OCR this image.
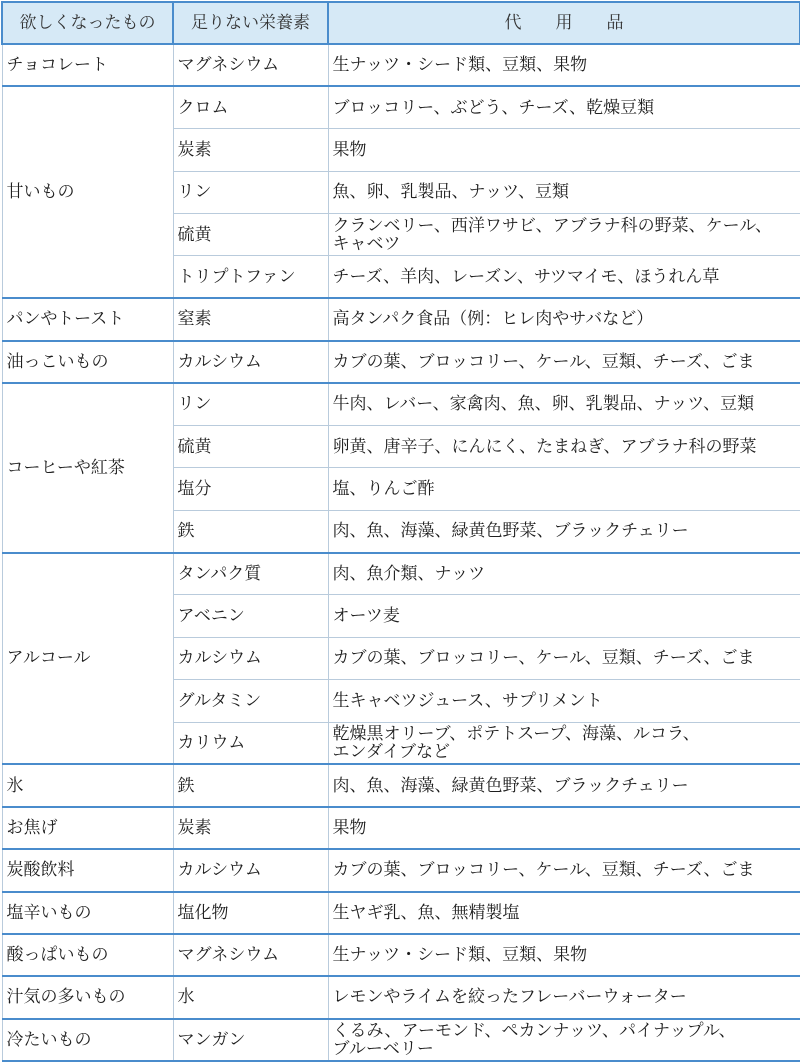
欲しくなったもの	足りない栄養素	代　　用　　品
チョコレート	マグネシウム	生ナッツ・シード類、豆類、果物
甘いもの	クロム	ブロッコリー、ぶどう、チーズ、乾燥豆類
	炭素	果物
	リン	魚、卵、乳製品、ナッツ、豆類
	硫黄	クランベリー、西洋ワサビ、アブラナ科の野菜、ケール、
キャベツ
	トリプトファン	チーズ、羊肉、レーズン、サツマイモ、ほうれん草
パンやトースト	窒素	高タンパク食品（例：ヒレ肉やサバなど）
油っこいもの	カルシウム	カブの葉、ブロッコリー、ケール、豆類、チーズ、ごま
コーヒーや紅茶	リン	牛肉、レバー、家禽肉、魚、卵、乳製品、ナッツ、豆類
	硫黄	卵黄、唐辛子、にんにく、たまねぎ、アブラナ科の野菜
	塩分	塩、りんご酢
	鉄	肉、魚、海藻、緑黄色野菜、ブラックチェリー
アルコール	タンパク質	肉、魚介類、ナッツ
	アベニン	オーツ麦
	カルシウム	カブの葉、ブロッコリー、ケール、豆類、チーズ、ごま
	グルタミン	生キャベツジュース、サプリメント
	カリウム	乾燥黒オリーブ、ポテトスープ、海藻、ルコラ、
エンダイブなど
氷	鉄	肉、魚、海藻、緑黄色野菜、ブラックチェリー
お焦げ	炭素	果物
炭酸飲料	カルシウム	カブの葉、ブロッコリー、ケール、豆類、チーズ、ごま
塩辛いもの	塩化物	生ヤギ乳、魚、無精製塩
酸っぱいもの	マグネシウム	生ナッツ・シード類、豆類、果物
汁気の多いもの	水	レモンやライムを絞ったフレーバーウォーター
冷たいもの	マンガン	くるみ、アーモンド、ペカンナッツ、パイナップル、
ブルーベリー
